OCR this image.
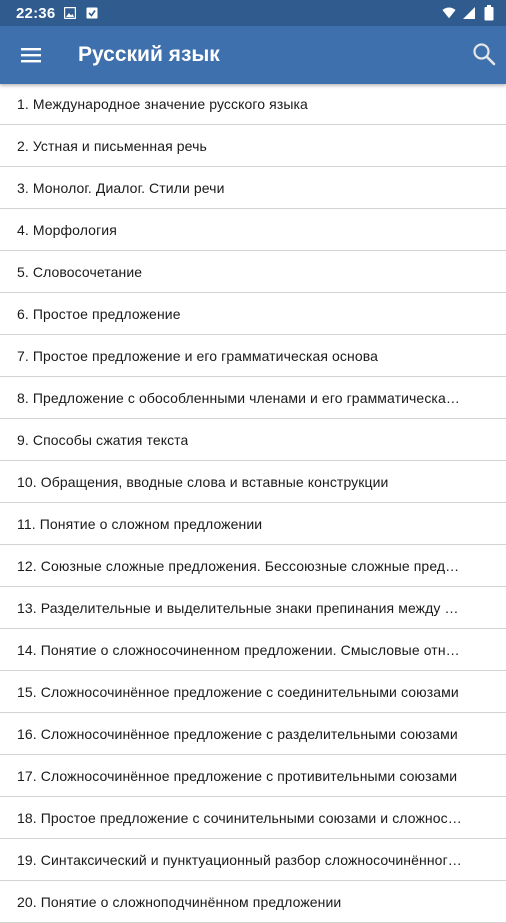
22:36
Русский язык
1. Международное значение русского языка
2. Устная и письменная речь
3. Монолог. Диалог. Стили речи
4. Морфология
5. Словосочетание
6. Простое предложение
7. Простое предложение и его грамматическая основа
8. Предложение с обособленными членами и его грамматическа…
9. Способы сжатия текста
10. Обращения, вводные слова и вставные конструкции
11. Понятие о сложном предложении
12. Союзные сложные предложения. Бессоюзные сложные пред…
13. Разделительные и выделительные знаки препинания между …
14. Понятие о сложносочиненном предложении. Смысловые отн…
15. Сложносочинённое предложение с соединительными союзами
16. Сложносочинённое предложение с разделительными союзами
17. Сложносочинённое предложение с противительными союзами
18. Простое предложение с сочинительными союзами и сложнос…
19. Синтаксический и пунктуационный разбор сложносочинённог…
20. Понятие о сложноподчинённом предложении
